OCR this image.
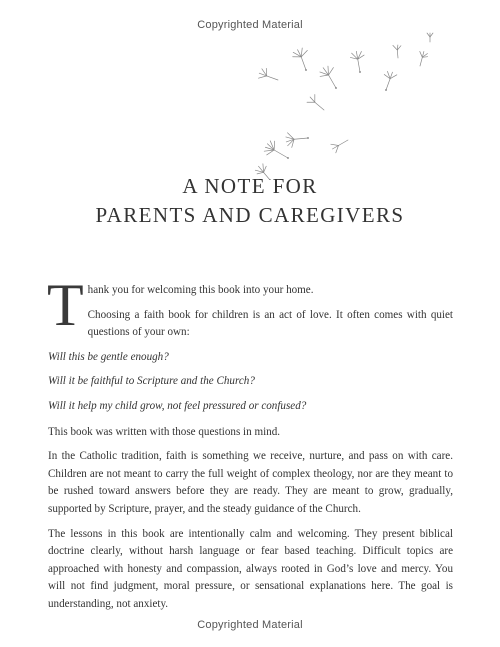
Copyrighted Material
A NOTE FOR
PARENTS AND CAREGIVERS

Thank you for welcoming this book into your home.

Choosing a faith book for children is an act of love. It often comes with quiet questions of your own:

Will this be gentle enough?

Will it be faithful to Scripture and the Church?

Will it help my child grow, not feel pressured or confused?

This book was written with those questions in mind.

In the Catholic tradition, faith is something we receive, nurture, and pass on with care. Children are not meant to carry the full weight of complex theology, nor are they meant to be rushed toward answers before they are ready. They are meant to grow, gradually, supported by Scripture, prayer, and the steady guidance of the Church.

The lessons in this book are intentionally calm and welcoming. They present biblical doctrine clearly, without harsh language or fear based teaching. Difficult topics are approached with honesty and compassion, always rooted in God’s love and mercy. You will not find judgment, moral pressure, or sensational explanations here. The goal is understanding, not anxiety.

Copyrighted Material
